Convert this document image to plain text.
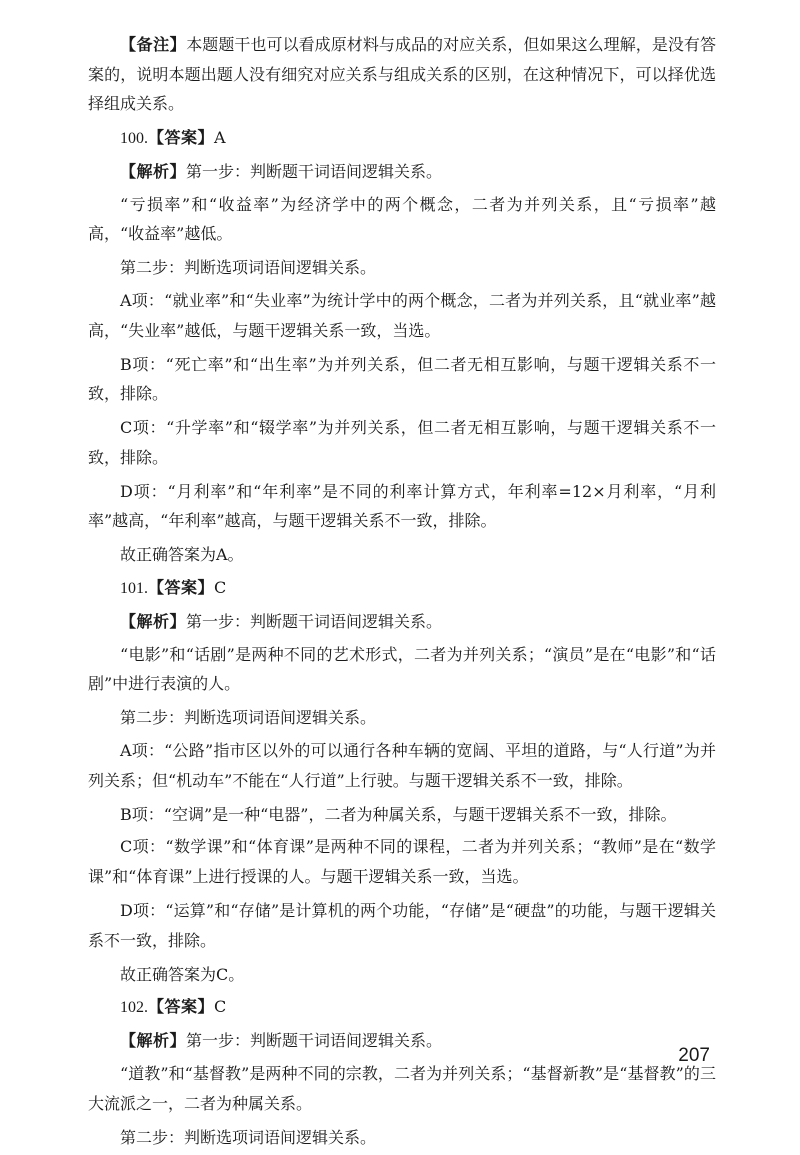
【备注】本题题干也可以看成原材料与成品的对应关系，但如果这么理解，是没有答案的，说明本题出题人没有细究对应关系与组成关系的区别，在这种情况下，可以择优选择组成关系。

100.【答案】A

【解析】第一步：判断题干词语间逻辑关系。

“亏损率”和“收益率”为经济学中的两个概念，二者为并列关系，且“亏损率”越高，“收益率”越低。

第二步：判断选项词语间逻辑关系。

A项：“就业率”和“失业率”为统计学中的两个概念，二者为并列关系，且“就业率”越高，“失业率”越低，与题干逻辑关系一致，当选。

B项：“死亡率”和“出生率”为并列关系，但二者无相互影响，与题干逻辑关系不一致，排除。

C项：“升学率”和“辍学率”为并列关系，但二者无相互影响，与题干逻辑关系不一致，排除。

D项：“月利率”和“年利率”是不同的利率计算方式，年利率=12×月利率，“月利率”越高，“年利率”越高，与题干逻辑关系不一致，排除。

故正确答案为A。

101.【答案】C

【解析】第一步：判断题干词语间逻辑关系。

“电影”和“话剧”是两种不同的艺术形式，二者为并列关系；“演员”是在“电影”和“话剧”中进行表演的人。

第二步：判断选项词语间逻辑关系。

A项：“公路”指市区以外的可以通行各种车辆的宽阔、平坦的道路，与“人行道”为并列关系；但“机动车”不能在“人行道”上行驶。与题干逻辑关系不一致，排除。

B项：“空调”是一种“电器”，二者为种属关系，与题干逻辑关系不一致，排除。

C项：“数学课”和“体育课”是两种不同的课程，二者为并列关系；“教师”是在“数学课”和“体育课”上进行授课的人。与题干逻辑关系一致，当选。

D项：“运算”和“存储”是计算机的两个功能，“存储”是“硬盘”的功能，与题干逻辑关系不一致，排除。

故正确答案为C。

102.【答案】C

【解析】第一步：判断题干词语间逻辑关系。

“道教”和“基督教”是两种不同的宗教，二者为并列关系；“基督新教”是“基督教”的三大流派之一，二者为种属关系。

第二步：判断选项词语间逻辑关系。

207
